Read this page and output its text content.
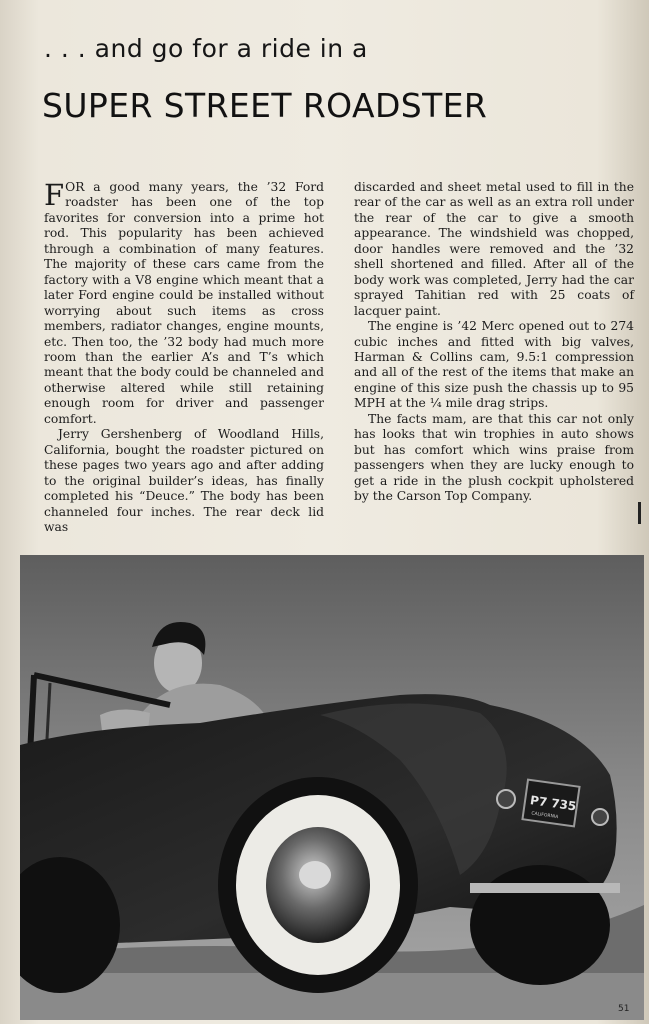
. . . and go for a ride in a
SUPER STREET ROADSTER

FOR a good many years, the ’32 Ford roadster has been one of the top favorites for conversion into a prime hot rod. This popularity has been achieved through a combination of many features. The majority of these cars came from the factory with a V8 engine which meant that a later Ford engine could be installed without worrying about such items as cross members, radiator changes, engine mounts, etc. Then too, the ’32 body had much more room than the earlier A’s and T’s which meant that the body could be channeled and otherwise altered while still retaining enough room for driver and passenger comfort.

Jerry Gershenberg of Woodland Hills, California, bought the roadster pictured on these pages two years ago and after adding to the original builder’s ideas, has finally completed his “Deuce.” The body has been channeled four inches. The rear deck lid was

discarded and sheet metal used to fill in the rear of the car as well as an extra roll under the rear of the car to give a smooth appearance. The windshield was chopped, door handles were removed and the ’32 shell shortened and filled. After all of the body work was completed, Jerry had the car sprayed Tahitian red with 25 coats of lacquer paint.

The engine is ’42 Merc opened out to 274 cubic inches and fitted with big valves, Harman & Collins cam, 9.5:1 compression and all of the rest of the items that make an engine of this size push the chassis up to 95 MPH at the ¼ mile drag strips.

The facts mam, are that this car not only has looks that win trophies in auto shows but has comfort which wins praise from passengers when they are lucky enough to get a ride in the plush cockpit upholstered by the Carson Top Company.

P7 735
CALIFORNIA
51
